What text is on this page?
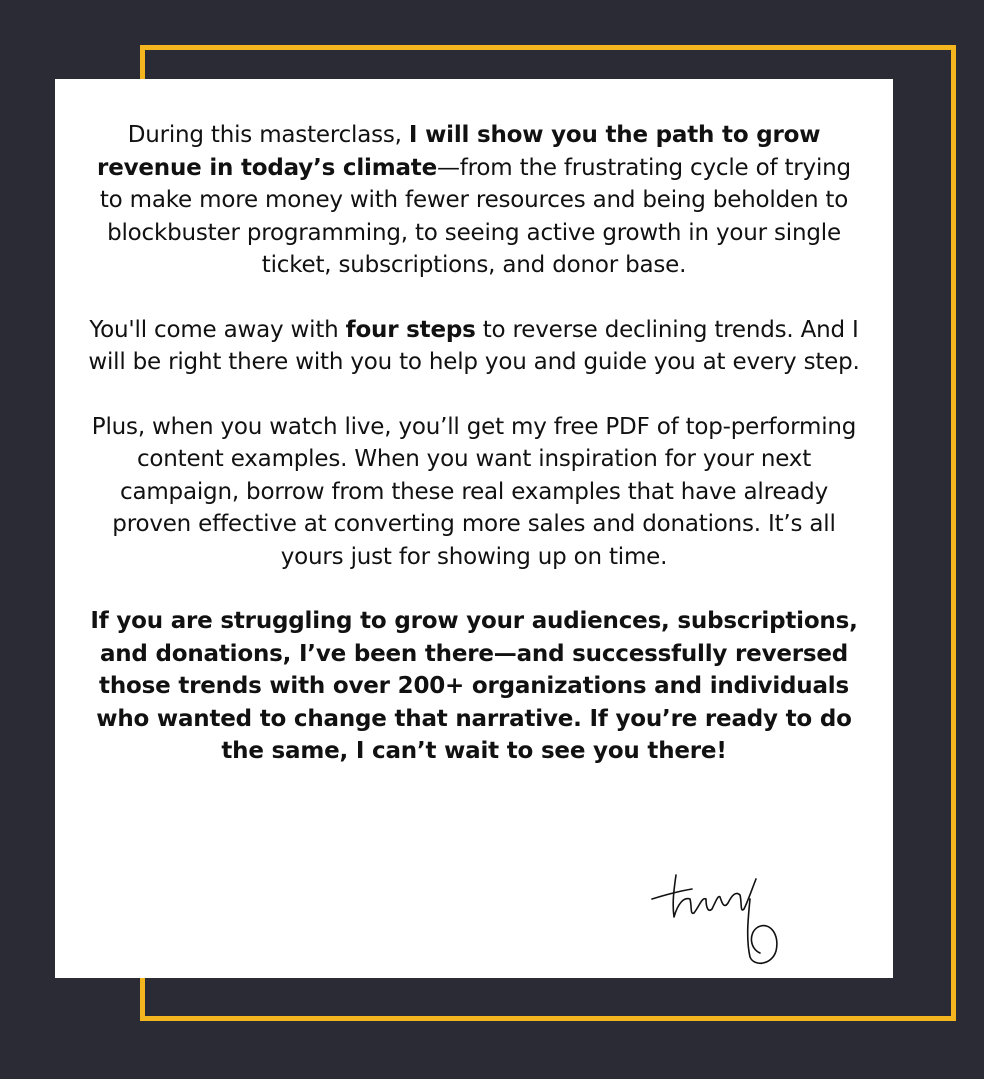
During this masterclass, I will show you the path to grow revenue in today’s climate—from the frustrating cycle of trying to make more money with fewer resources and being beholden to blockbuster programming, to seeing active growth in your single ticket, subscriptions, and donor base.

You'll come away with four steps to reverse declining trends. And I will be right there with you to help you and guide you at every step.

Plus, when you watch live, you’ll get my free PDF of top-performing content examples. When you want inspiration for your next campaign, borrow from these real examples that have already proven effective at converting more sales and donations. It’s all yours just for showing up on time.

If you are struggling to grow your audiences, subscriptions, and donations, I’ve been there—and successfully reversed those trends with over 200+ organizations and individuals who wanted to change that narrative. If you’re ready to do the same, I can’t wait to see you there!
